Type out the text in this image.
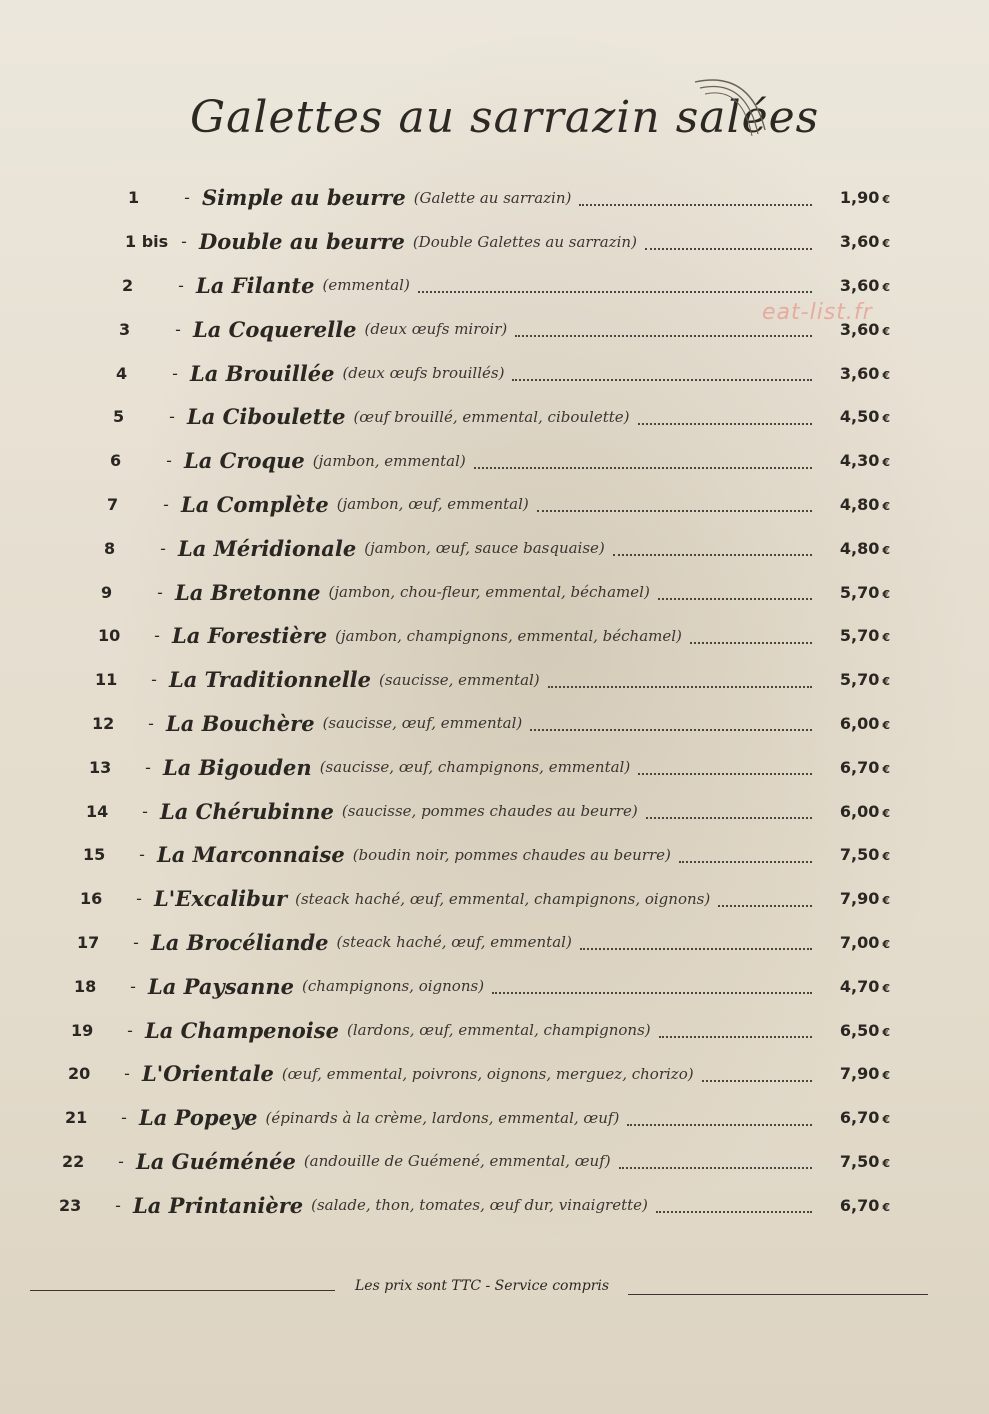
Galettes au sarrazin salées
eat-list.fr
1	- Simple au beurre (Galette au sarrazin)	1,90 €
1 bis - Double au beurre (Double Galettes au sarrazin)	3,60 €
2	- La Filante (emmental)	3,60 €
3	- La Coquerelle (deux œufs miroir)	3,60 €
4	- La Brouillée (deux œufs brouillés)	3,60 €
5	- La Ciboulette (œuf brouillé, emmental, ciboulette)	4,50 €
6	- La Croque (jambon, emmental)	4,30 €
7	- La Complète (jambon, œuf, emmental)	4,80 €
8	- La Méridionale (jambon, œuf, sauce basquaise)	4,80 €
9	- La Bretonne (jambon, chou-fleur, emmental, béchamel)	5,70 €
10	- La Forestière (jambon, champignons, emmental, béchamel)	5,70 €
11	- La Traditionnelle (saucisse, emmental)	5,70 €
12	- La Bouchère (saucisse, œuf, emmental)	6,00 €
13	- La Bigouden (saucisse, œuf, champignons, emmental)	6,70 €
14	- La Chérubinne (saucisse, pommes chaudes au beurre)	6,00 €
15	- La Marconnaise (boudin noir, pommes chaudes au beurre)	7,50 €
16	- L'Excalibur (steack haché, œuf, emmental, champignons, oignons)	7,90 €
17	- La Brocéliande (steack haché, œuf, emmental)	7,00 €
18	- La Paysanne (champignons, oignons)	4,70 €
19	- La Champenoise (lardons, œuf, emmental, champignons)	6,50 €
20	- L'Orientale (œuf, emmental, poivrons, oignons, merguez, chorizo)	7,90 €
21	- La Popeye (épinards à la crème, lardons, emmental, œuf)	6,70 €
22	- La Guéménée (andouille de Guémené, emmental, œuf)	7,50 €
23	- La Printanière (salade, thon, tomates, œuf dur, vinaigrette)	6,70 €
Les prix sont TTC - Service compris
